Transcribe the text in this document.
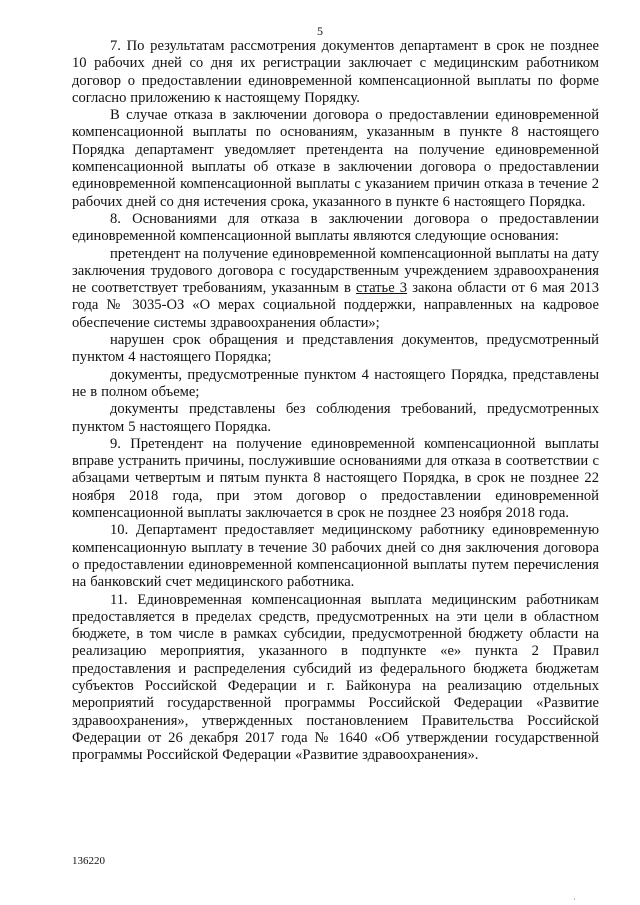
5

7. По результатам рассмотрения документов департамент в срок не позднее 10 рабочих дней со дня их регистрации заключает с медицинским работником договор о предоставлении единовременной компенсационной выплаты по форме согласно приложению к настоящему Порядку.

В случае отказа в заключении договора о предоставлении единовременной компенсационной выплаты по основаниям, указанным в пункте 8 настоящего Порядка департамент уведомляет претендента на получение единовременной компенсационной выплаты об отказе в заключении договора о предоставлении единовременной компенсационной выплаты с указанием причин отказа в течение 2 рабочих дней со дня истечения срока, указанного в пункте 6 настоящего Порядка.

8. Основаниями для отказа в заключении договора о предоставлении единовременной компенсационной выплаты являются следующие основания:

претендент на получение единовременной компенсационной выплаты на дату заключения трудового договора с государственным учреждением здравоохранения не соответствует требованиям, указанным в статье 3 закона области от 6 мая 2013 года № 3035-ОЗ «О мерах социальной поддержки, направленных на кадровое обеспечение системы здравоохранения области»;

нарушен срок обращения и представления документов, предусмотренный пунктом 4 настоящего Порядка;

документы, предусмотренные пунктом 4 настоящего Порядка, представлены не в полном объеме;

документы представлены без соблюдения требований, предусмотренных пунктом 5 настоящего Порядка.

9. Претендент на получение единовременной компенсационной выплаты вправе устранить причины, послужившие основаниями для отказа в соответствии с абзацами четвертым и пятым пункта 8 настоящего Порядка, в срок не позднее 22 ноября 2018 года, при этом договор о предоставлении единовременной компенсационной выплаты заключается в срок не позднее 23 ноября 2018 года.

10. Департамент предоставляет медицинскому работнику единовременную компенсационную выплату в течение 30 рабочих дней со дня заключения договора о предоставлении единовременной компенсационной выплаты путем перечисления на банковский счет медицинского работника.

11. Единовременная компенсационная выплата медицинским работникам предоставляется в пределах средств, предусмотренных на эти цели в областном бюджете, в том числе в рамках субсидии, предусмотренной бюджету области на реализацию мероприятия, указанного в подпункте «е» пункта 2 Правил предоставления и распределения субсидий из федерального бюджета бюджетам субъектов Российской Федерации и г. Байконура на реализацию отдельных мероприятий государственной программы Российской Федерации «Развитие здравоохранения», утвержденных постановлением Правительства Российской Федерации от 26 декабря 2017 года № 1640 «Об утверждении государственной программы Российской Федерации «Развитие здравоохранения».

136220
·
